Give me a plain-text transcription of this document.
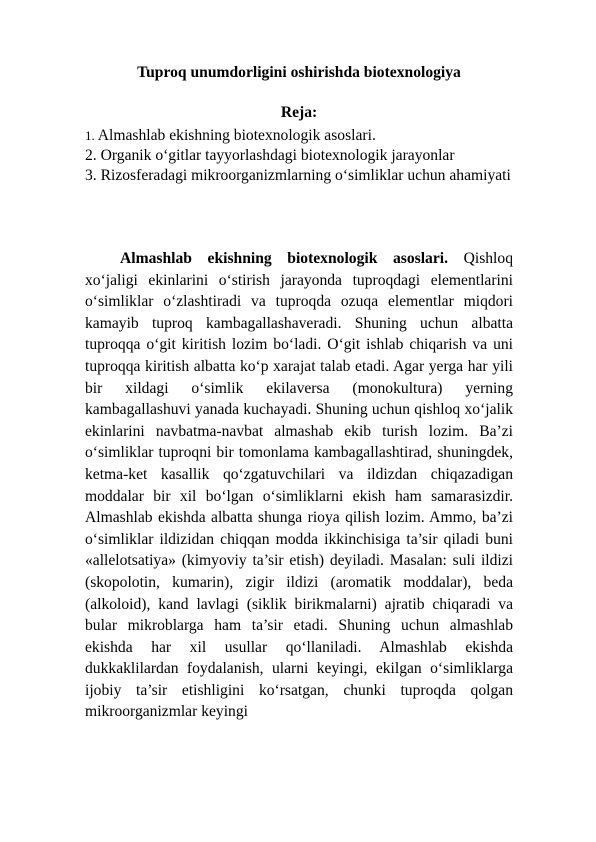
Tuproq unumdorligini oshirishda biotexnologiya
Reja:
1. Almashlab ekishning biotexnologik asoslari.
2. Organik o‘gitlar tayyorlashdagi biotexnologik jarayonlar
3. Rizosferadagi mikroorganizmlarning o‘simliklar uchun ahamiyati

Almashlab ekishning biotexnologik asoslari. Qishloq xo‘jaligi ekinlarini o‘stirish jarayonda tuproqdagi elementlarini o‘simliklar o‘zlashtiradi va tuproqda ozuqa elementlar miqdori kamayib tuproq kambagallashaveradi. Shuning uchun albatta tuproqqa o‘git kiritish lozim bo‘ladi. O‘git ishlab chiqarish va uni tuproqqa kiritish albatta ko‘p xarajat talab etadi. Agar yerga har yili bir xildagi o‘simlik ekilaversa (monokultura) yerning kambagallashuvi yanada kuchayadi. Shuning uchun qishloq xo‘jalik ekinlarini navbatma-navbat almashab ekib turish lozim. Ba’zi o‘simliklar tuproqni bir tomonlama kambagallashtirad, shuningdek, ketma-ket kasallik qo‘zgatuvchilari va ildizdan chiqazadigan moddalar bir xil bo‘lgan o‘simliklarni ekish ham samarasizdir. Almashlab ekishda albatta shunga rioya qilish lozim. Ammo, ba’zi o‘simliklar ildizidan chiqqan modda ikkinchisiga ta’sir qiladi buni «allelotsatiya» (kimyoviy ta’sir etish) deyiladi. Masalan: suli ildizi (skopolotin, kumarin), zigir ildizi (aromatik moddalar), beda (alkoloid), kand lavlagi (siklik birikmalarni) ajratib chiqaradi va bular mikroblarga ham ta’sir etadi. Shuning uchun almashlab ekishda har xil usullar qo‘llaniladi. Almashlab ekishda dukkaklilardan foydalanish, ularni keyingi, ekilgan o‘simliklarga ijobiy ta’sir etishligini ko‘rsatgan, chunki tuproqda qolgan mikroorganizmlar keyingi
